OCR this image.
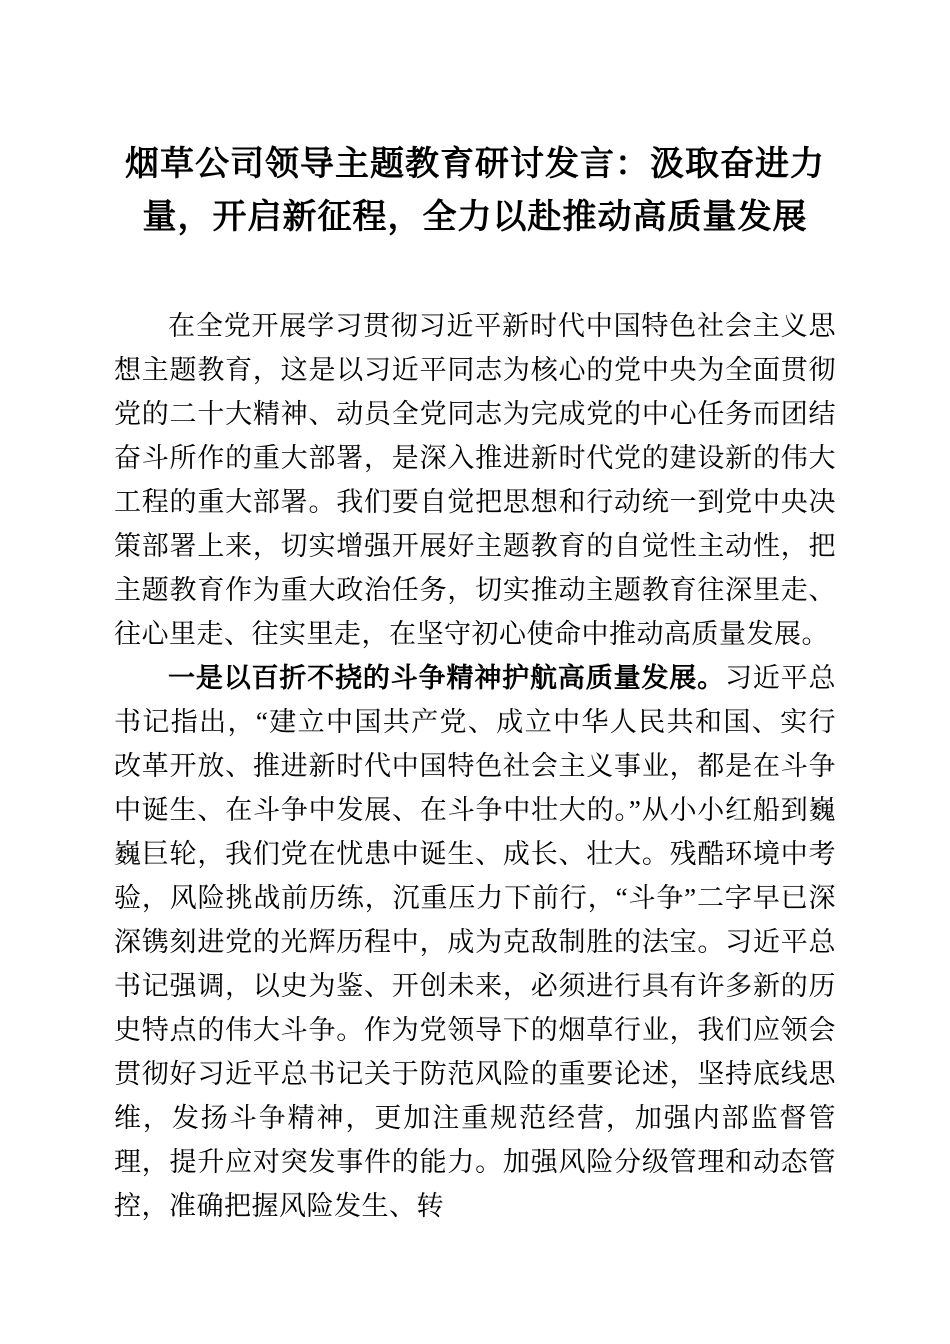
烟草公司领导主题教育研讨发言：汲取奋进力
量，开启新征程，全力以赴推动高质量发展

在全党开展学习贯彻习近平新时代中国特色社会主义思想主题教育，这是以习近平同志为核心的党中央为全面贯彻党的二十大精神、动员全党同志为完成党的中心任务而团结奋斗所作的重大部署，是深入推进新时代党的建设新的伟大工程的重大部署。我们要自觉把思想和行动统一到党中央决策部署上来，切实增强开展好主题教育的自觉性主动性，把主题教育作为重大政治任务，切实推动主题教育往深里走、往心里走、往实里走，在坚守初心使命中推动高质量发展。

一是以百折不挠的斗争精神护航高质量发展。习近平总书记指出，“建立中国共产党、成立中华人民共和国、实行改革开放、推进新时代中国特色社会主义事业，都是在斗争中诞生、在斗争中发展、在斗争中壮大的。”从小小红船到巍巍巨轮，我们党在忧患中诞生、成长、壮大。残酷环境中考验，风险挑战前历练，沉重压力下前行，“斗争”二字早已深深镌刻进党的光辉历程中，成为克敌制胜的法宝。习近平总书记强调，以史为鉴、开创未来，必须进行具有许多新的历史特点的伟大斗争。作为党领导下的烟草行业，我们应领会贯彻好习近平总书记关于防范风险的重要论述，坚持底线思维，发扬斗争精神，更加注重规范经营，加强内部监督管理，提升应对突发事件的能力。加强风险分级管理和动态管控，准确把握风险发生、转
